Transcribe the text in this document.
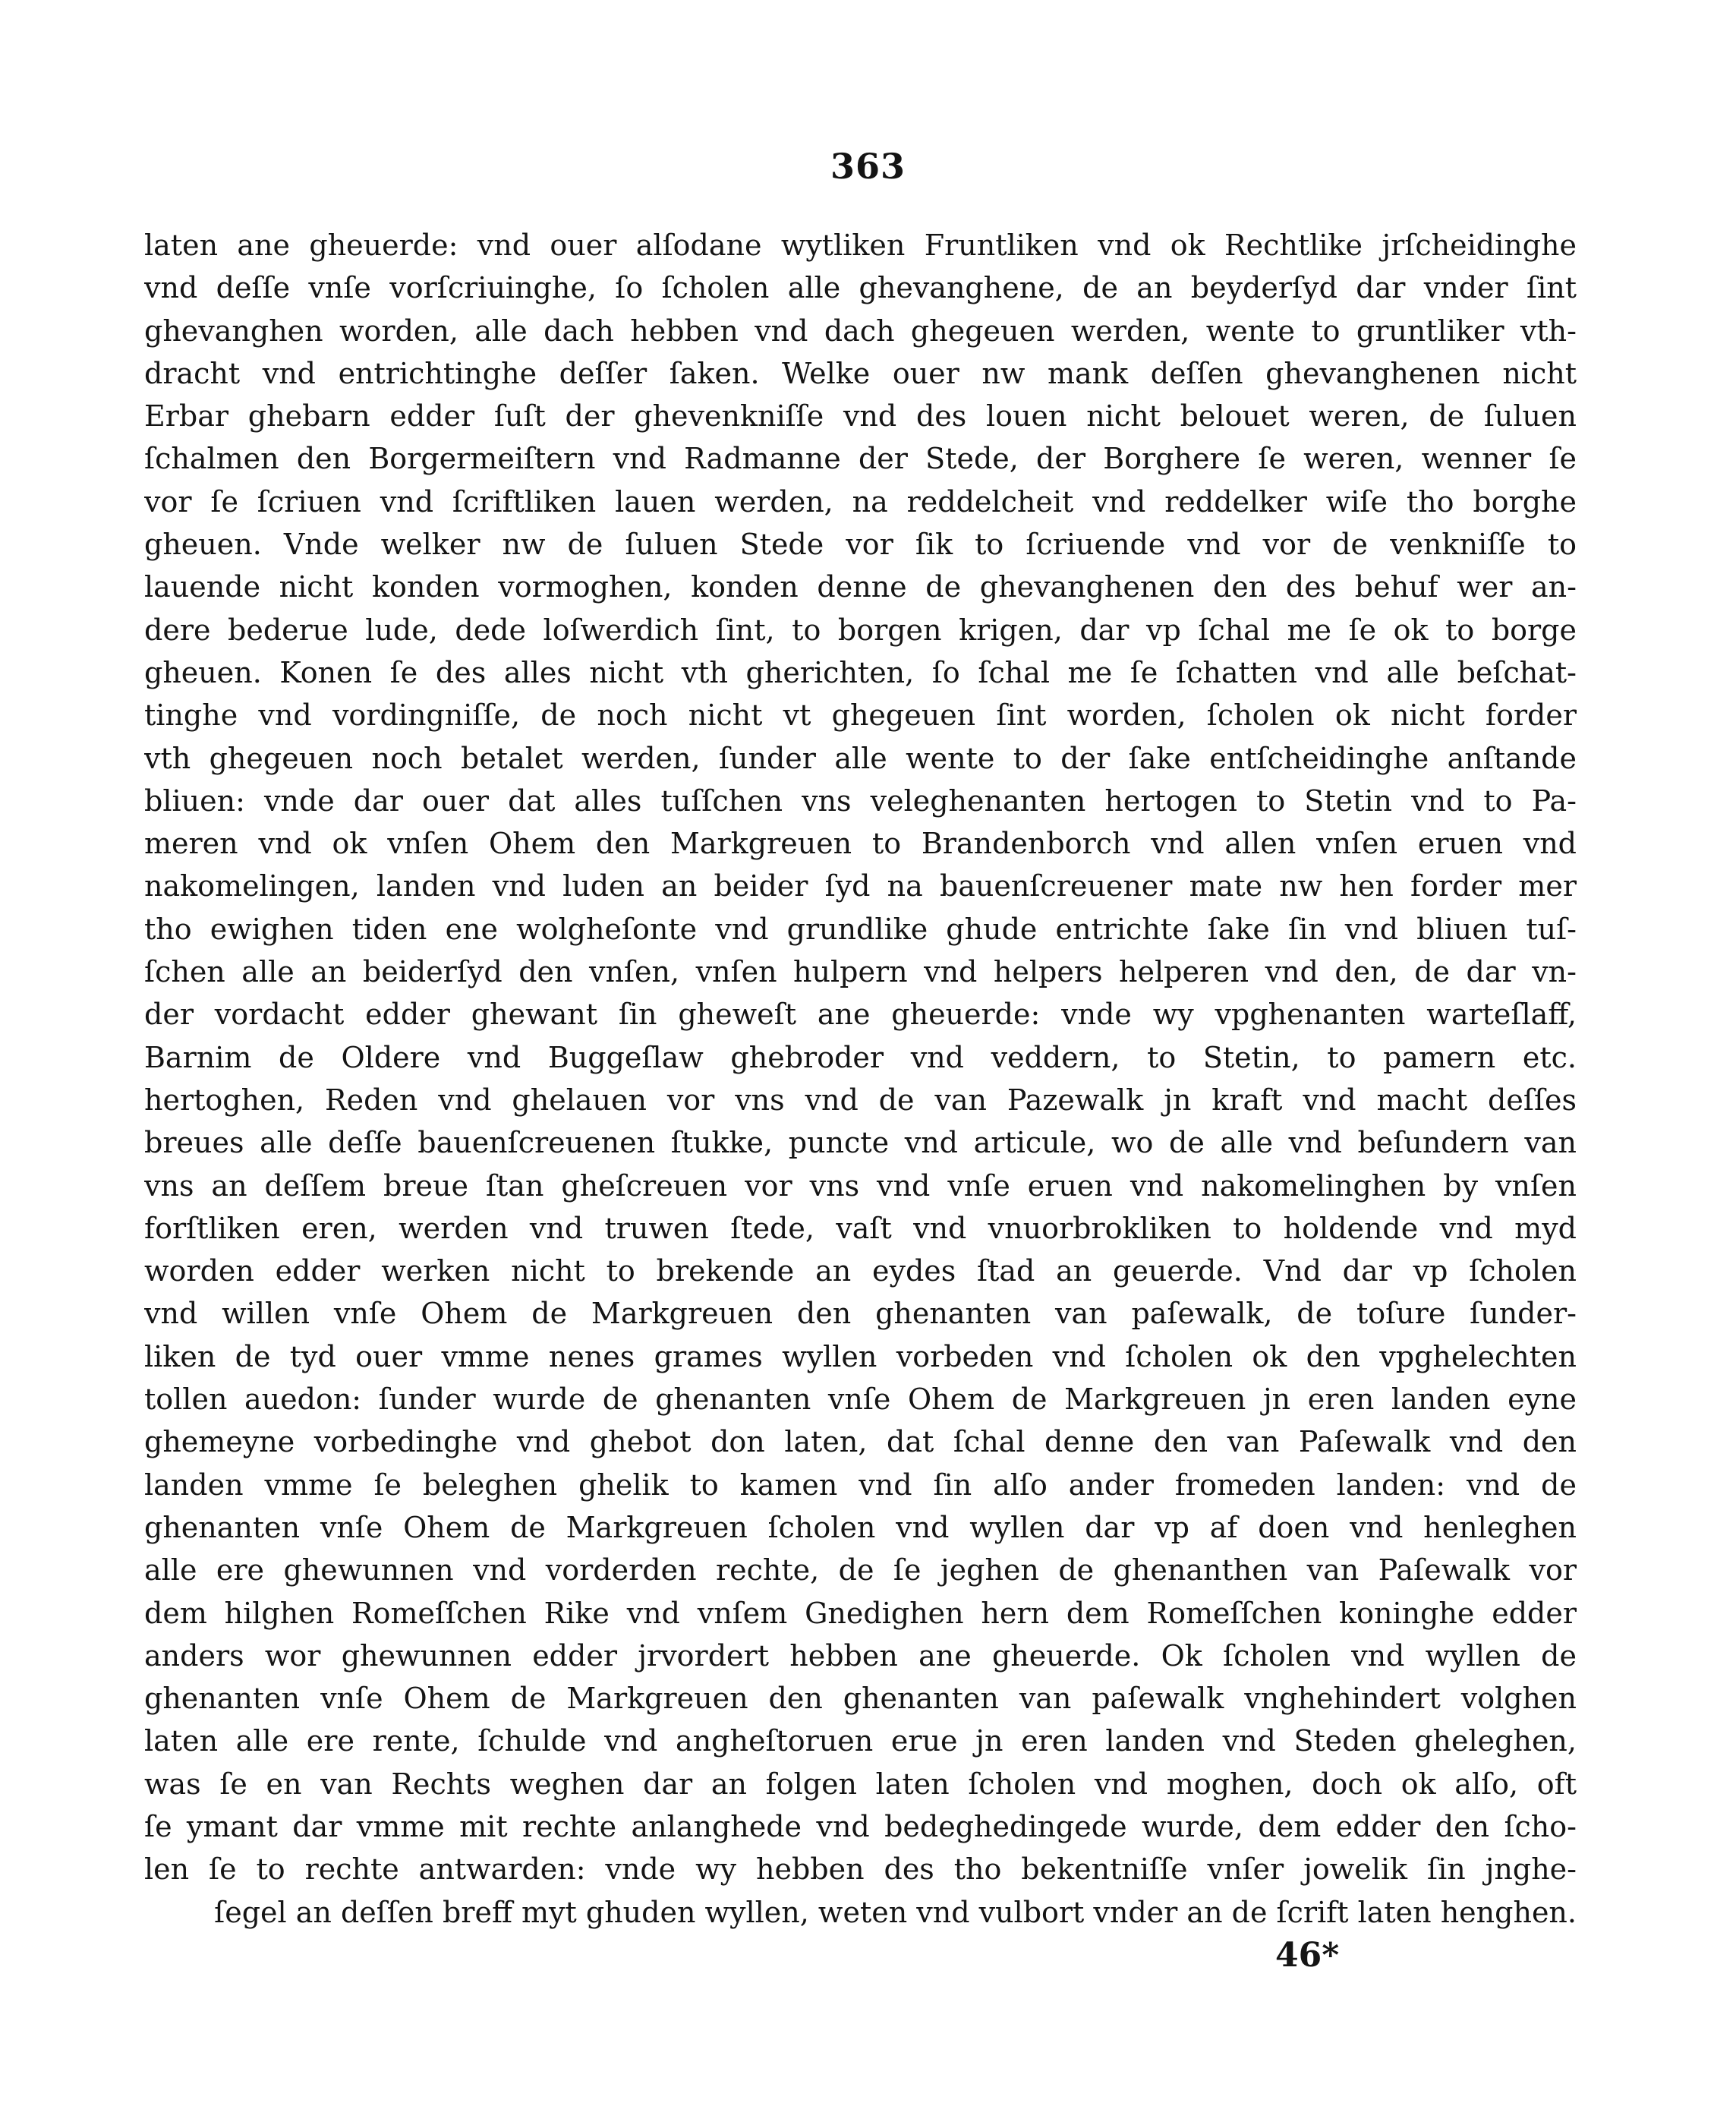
363
laten ane gheuerde: vnd ouer alſodane wytliken Fruntliken vnd ok Rechtlike jrſcheidinghe
vnd deſſe vnſe vorſcriuinghe, ſo ſcholen alle ghevanghene, de an beyderſyd dar vnder ſint
ghevanghen worden, alle dach hebben vnd dach ghegeuen werden, wente to gruntliker vth-
dracht vnd entrichtinghe deſſer ſaken. Welke ouer nw mank deſſen ghevanghenen nicht
Erbar ghebarn edder ſuſt der ghevenkniſſe vnd des louen nicht belouet weren, de ſuluen
ſchalmen den Borgermeiſtern vnd Radmanne der Stede, der Borghere ſe weren, wenner ſe
vor ſe ſcriuen vnd ſcriftliken lauen werden, na reddelcheit vnd reddelker wiſe tho borghe
gheuen. Vnde welker nw de ſuluen Stede vor ſik to ſcriuende vnd vor de venkniſſe to
lauende nicht konden vormoghen, konden denne de ghevanghenen den des behuf wer an-
dere bederue lude, dede loſwerdich ſint, to borgen krigen, dar vp ſchal me ſe ok to borge
gheuen. Konen ſe des alles nicht vth gherichten, ſo ſchal me ſe ſchatten vnd alle beſchat-
tinghe vnd vordingniſſe, de noch nicht vt ghegeuen ſint worden, ſcholen ok nicht forder
vth ghegeuen noch betalet werden, ſunder alle wente to der ſake entſcheidinghe anſtande
bliuen: vnde dar ouer dat alles tuſſchen vns veleghenanten hertogen to Stetin vnd to Pa-
meren vnd ok vnſen Ohem den Markgreuen to Brandenborch vnd allen vnſen eruen vnd
nakomelingen, landen vnd luden an beider ſyd na bauenſcreuener mate nw hen forder mer
tho ewighen tiden ene wolgheſonte vnd grundlike ghude entrichte ſake ſin vnd bliuen tuſ-
ſchen alle an beiderſyd den vnſen, vnſen hulpern vnd helpers helperen vnd den, de dar vn-
der vordacht edder ghewant ſin gheweſt ane gheuerde: vnde wy vpghenanten warteſlaff,
Barnim de Oldere vnd Buggeſlaw ghebroder vnd veddern, to Stetin, to pamern etc.
hertoghen, Reden vnd ghelauen vor vns vnd de van Pazewalk jn kraft vnd macht deſſes
breues alle deſſe bauenſcreuenen ſtukke, puncte vnd articule, wo de alle vnd beſundern van
vns an deſſem breue ſtan gheſcreuen vor vns vnd vnſe eruen vnd nakomelinghen by vnſen
forſtliken eren, werden vnd truwen ſtede, vaſt vnd vnuorbrokliken to holdende vnd myd
worden edder werken nicht to brekende an eydes ſtad an geuerde. Vnd dar vp ſcholen
vnd willen vnſe Ohem de Markgreuen den ghenanten van paſewalk, de toſure ſunder-
liken de tyd ouer vmme nenes grames wyllen vorbeden vnd ſcholen ok den vpghelechten
tollen auedon: ſunder wurde de ghenanten vnſe Ohem de Markgreuen jn eren landen eyne
ghemeyne vorbedinghe vnd ghebot don laten, dat ſchal denne den van Paſewalk vnd den
landen vmme ſe beleghen ghelik to kamen vnd ſin alſo ander fromeden landen: vnd de
ghenanten vnſe Ohem de Markgreuen ſcholen vnd wyllen dar vp af doen vnd henleghen
alle ere ghewunnen vnd vorderden rechte, de ſe jeghen de ghenanthen van Paſewalk vor
dem hilghen Romeſſchen Rike vnd vnſem Gnedighen hern dem Romeſſchen koninghe edder
anders wor ghewunnen edder jrvordert hebben ane gheuerde. Ok ſcholen vnd wyllen de
ghenanten vnſe Ohem de Markgreuen den ghenanten van paſewalk vnghehindert volghen
laten alle ere rente, ſchulde vnd angheſtoruen erue jn eren landen vnd Steden gheleghen,
was ſe en van Rechts weghen dar an folgen laten ſcholen vnd moghen, doch ok alſo, oft
ſe ymant dar vmme mit rechte anlanghede vnd bedeghedingede wurde, dem edder den ſcho-
len ſe to rechte antwarden: vnde wy hebben des tho bekentniſſe vnſer jowelik ſin jnghe-
ſegel an deſſen breff myt ghuden wyllen, weten vnd vulbort vnder an de ſcrift laten henghen.
46*
